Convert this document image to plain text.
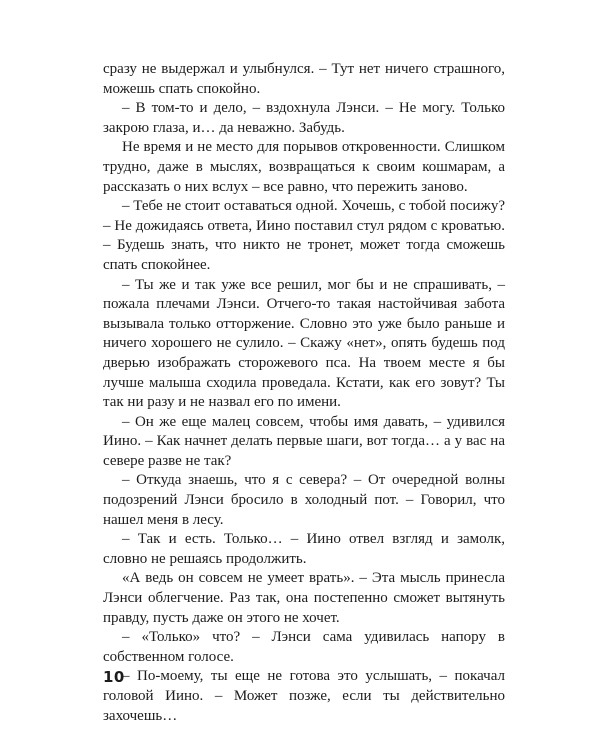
сразу не выдержал и улыбнулся. – Тут нет ничего страшного, можешь спать спокойно.

– В том-то и дело, – вздохнула Лэнси. – Не могу. Только закрою глаза, и… да неважно. Забудь.

Не время и не место для порывов откровенности. Слишком трудно, даже в мыслях, возвращаться к своим кошмарам, а рассказать о них вслух – все равно, что пережить заново.

– Тебе не стоит оставаться одной. Хочешь, с тобой посижу? – Не дожидаясь ответа, Иино поставил стул рядом с кроватью. – Будешь знать, что никто не тронет, может тогда сможешь спать спокойнее.

– Ты же и так уже все решил, мог бы и не спрашивать, – пожала плечами Лэнси. Отчего-то такая настойчивая забота вызывала только отторжение. Словно это уже было раньше и ничего хорошего не сулило. – Скажу «нет», опять будешь под дверью изображать сторожевого пса. На твоем месте я бы лучше малыша сходила проведала. Кстати, как его зовут? Ты так ни разу и не назвал его по имени.

– Он же еще малец совсем, чтобы имя давать, – удивился Иино. – Как начнет делать первые шаги, вот тогда… а у вас на севере разве не так?

– Откуда знаешь, что я с севера? – От очередной волны подозрений Лэнси бросило в холодный пот. – Говорил, что нашел меня в лесу.

– Так и есть. Только… – Иино отвел взгляд и замолк, словно не решаясь продолжить.

«А ведь он совсем не умеет врать». – Эта мысль принесла Лэнси облегчение. Раз так, она постепенно сможет вытянуть правду, пусть даже он этого не хочет.

– «Только» что? – Лэнси сама удивилась напору в собственном голосе.

– По-моему, ты еще не готова это услышать, – покачал головой Иино. – Может позже, если ты действительно захочешь…

10
